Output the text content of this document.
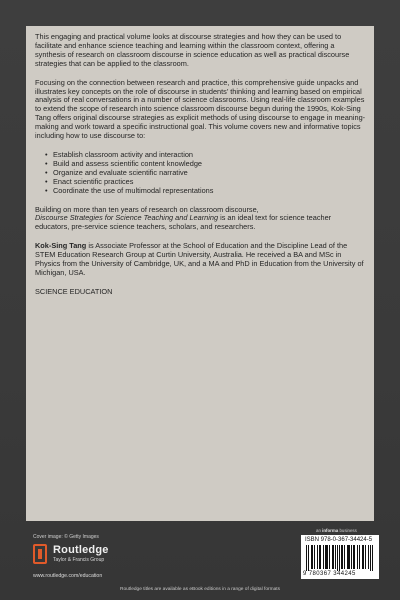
This engaging and practical volume looks at discourse strategies and how they can be used to facilitate and enhance science teaching and learning within the classroom context, offering a synthesis of research on classroom discourse in science education as well as practical discourse strategies that can be applied to the classroom.

Focusing on the connection between research and practice, this comprehensive guide unpacks and illustrates key concepts on the role of discourse in students’ thinking and learning based on empirical analysis of real conversations in a number of science classrooms. Using real-life classroom examples to extend the scope of research into science classroom discourse begun during the 1990s, Kok-Sing Tang offers original discourse strategies as explicit methods of using discourse to engage in meaning-making and work toward a specific instructional goal. This volume covers new and informative topics including how to use discourse to:

• Establish classroom activity and interaction
• Build and assess scientific content knowledge
• Organize and evaluate scientific narrative
• Enact scientific practices
• Coordinate the use of multimodal representations

Building on more than ten years of research on classroom discourse,
Discourse Strategies for Science Teaching and Learning is an ideal text for science teacher educators, pre-service science teachers, scholars, and researchers.

Kok-Sing Tang is Associate Professor at the School of Education and the Discipline Lead of the STEM Education Research Group at Curtin University, Australia. He received a BA and MSc in Physics from the University of Cambridge, UK, and a MA and PhD in Education from the University of Michigan, USA.

SCIENCE EDUCATION

Cover image: © Getty Images
Routledge
Taylor & Francis Group
www.routledge.com/education
an informa business
ISBN 978-0-367-34424-5
9 780367 344245
Routledge titles are available as eBook editions in a range of digital formats
